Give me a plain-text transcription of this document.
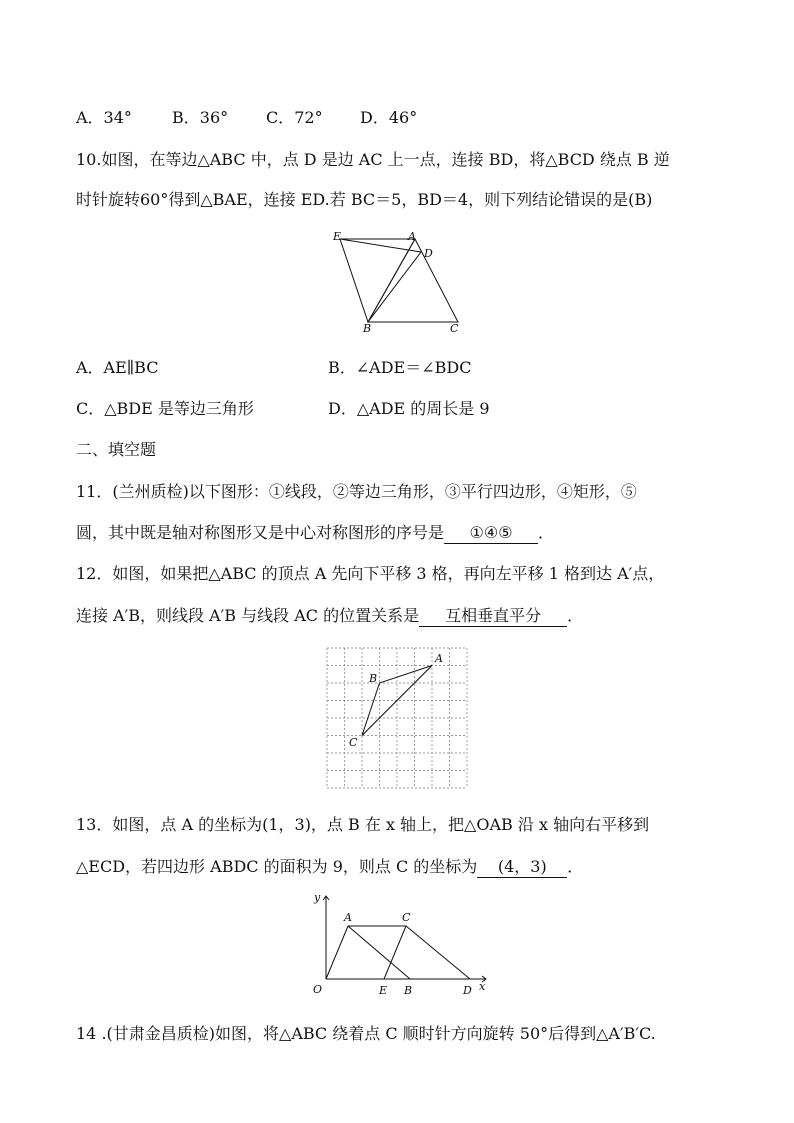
A．34°	B．36° C．72° D．46°
10.如图，在等边△ABC 中，点 D 是边 AC 上一点，连接 BD，将△BCD 绕点 B 逆
时针旋转60°得到△BAE，连接 ED.若 BC＝5，BD＝4，则下列结论错误的是(B)
E	A
D
B	C
A．AE∥BC	B．∠ADE＝∠BDC
C．△BDE 是等边三角形	D．△ADE 的周长是 9
二、填空题
11．(兰州质检)以下图形：①线段，②等边三角形，③平行四边形，④矩形，⑤
圆，其中既是轴对称图形又是中心对称图形的序号是 ①④⑤ ．
12．如图，如果把△ABC 的顶点 A 先向下平移 3 格，再向左平移 1 格到达 A′点，
连接 A′B，则线段 A′B 与线段 AC 的位置关系是 互相垂直平分 ．
A
B
C
13．如图，点 A 的坐标为(1，3)，点 B 在 x 轴上，把△OAB 沿 x 轴向右平移到
△ECD，若四边形 ABDC 的面积为 9，则点 C 的坐标为 (4，3) ．
y
x
O
A	C
E B	D
14 .(甘肃金昌质检)如图，将△ABC 绕着点 C 顺时针方向旋转 50°后得到△A′B′C.
